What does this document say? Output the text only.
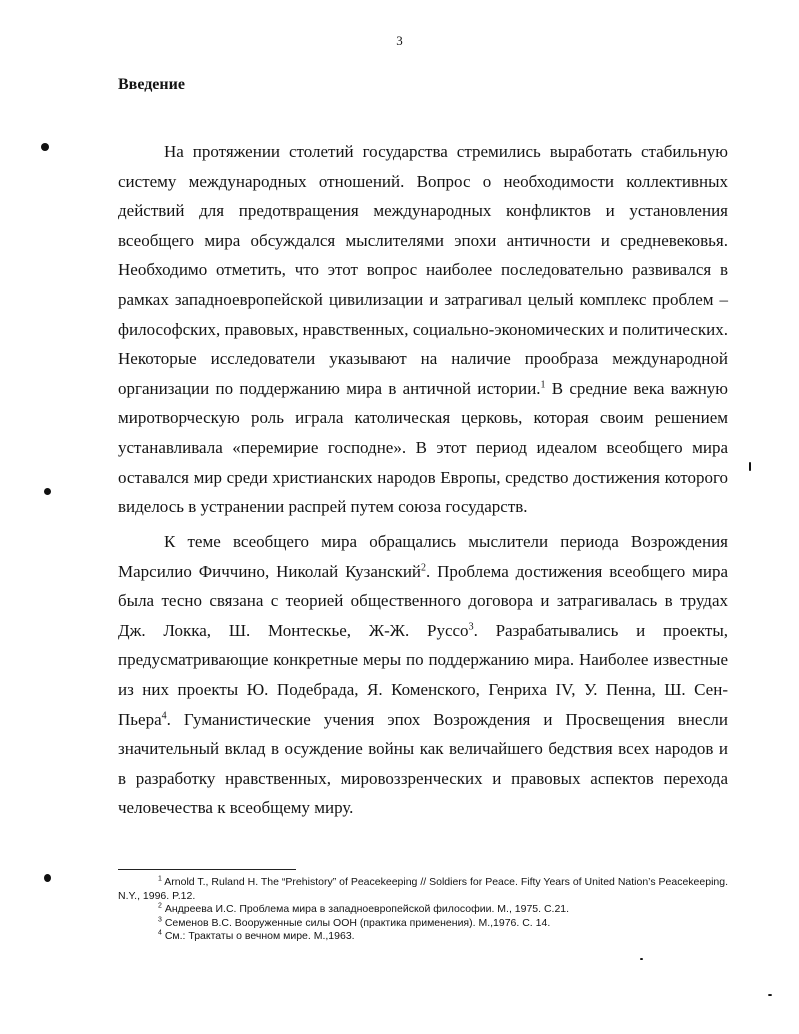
3
Введение

На протяжении столетий государства стремились выработать стабильную систему международных отношений. Вопрос о необходимости коллективных действий для предотвращения международных конфликтов и установления всеобщего мира обсуждался мыслителями эпохи античности и средневековья. Необходимо отметить, что этот вопрос наиболее последовательно развивался в рамках западноевропейской цивилизации и затрагивал целый комплекс проблем – философских, правовых, нравственных, социально-экономических и политических. Некоторые исследователи указывают на наличие прообраза международной организации по поддержанию мира в античной истории.$^1$ В средние века важную миротворческую роль играла католическая церковь, которая своим решением устанавливала «перемирие господне». В этот период идеалом всеобщего мира оставался мир среди христианских народов Европы, средство достижения которого виделось в устранении распрей путем союза государств.

К теме всеобщего мира обращались мыслители периода Возрождения Марсилио Фиччино, Николай Кузанский$^2$. Проблема достижения всеобщего мира была тесно связана с теорией общественного договора и затрагивалась в трудах Дж. Локка, Ш. Монтескье, Ж-Ж. Руссо$^3$. Разрабатывались и проекты, предусматривающие конкретные меры по поддержанию мира. Наиболее известные из них проекты Ю. Подебрада, Я. Коменского, Генриха IV, У. Пенна, Ш. Сен-Пьера$^4$. Гуманистические учения эпох Возрождения и Просвещения внесли значительный вклад в осуждение войны как величайшего бедствия всех народов и в разработку нравственных, мировоззренческих и правовых аспектов перехода человечества к всеобщему миру.

$^1$ Arnold T., Ruland H. The “Prehistory” of Peacekeeping // Soldiers for Peace. Fifty Years of United Nation’s Peacekeeping. N.Y., 1996. P.12.
$^2$ Андреева И.С. Проблема мира в западноевропейской философии. М., 1975. С.21.
$^3$ Семенов В.С. Вооруженные силы ООН (практика применения). М.,1976. С. 14.
$^4$ См.: Трактаты о вечном мире. М.,1963.
